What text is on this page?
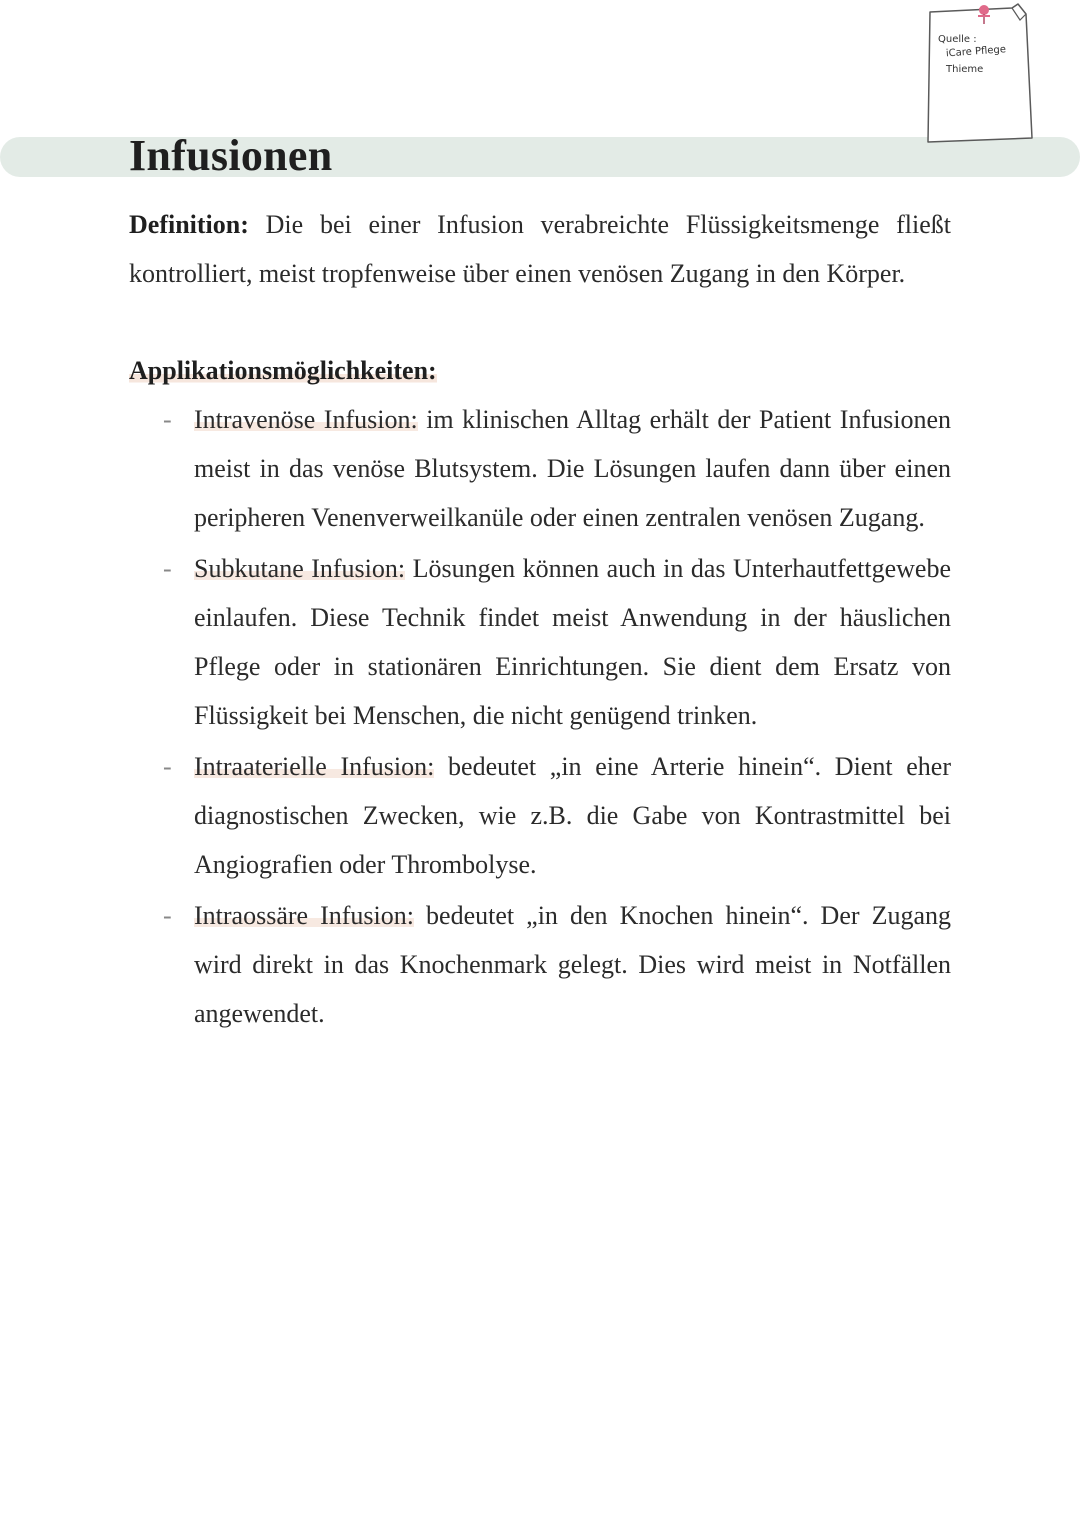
Quelle :
iCare Pflege
Thieme
Infusionen

Definition: Die bei einer Infusion verabreichte Flüssigkeitsmenge fließt kontrolliert, meist tropfenweise über einen venösen Zugang in den Körper.

Applikationsmöglichkeiten:
- Intravenöse Infusion: im klinischen Alltag erhält der Patient Infusionen meist in das venöse Blutsystem. Die Lösungen laufen dann über einen peripheren Venenverweilkanüle oder einen zentralen venösen Zugang.
- Subkutane Infusion: Lösungen können auch in das Unterhautfettgewebe einlaufen. Diese Technik findet meist Anwendung in der häuslichen Pflege oder in stationären Einrichtungen. Sie dient dem Ersatz von Flüssigkeit bei Menschen, die nicht genügend trinken.
- Intraaterielle Infusion: bedeutet „in eine Arterie hinein“. Dient eher diagnostischen Zwecken, wie z.B. die Gabe von Kontrastmittel bei Angiografien oder Thrombolyse.
- Intraossäre Infusion: bedeutet „in den Knochen hinein“. Der Zugang wird direkt in das Knochenmark gelegt. Dies wird meist in Notfällen angewendet.
